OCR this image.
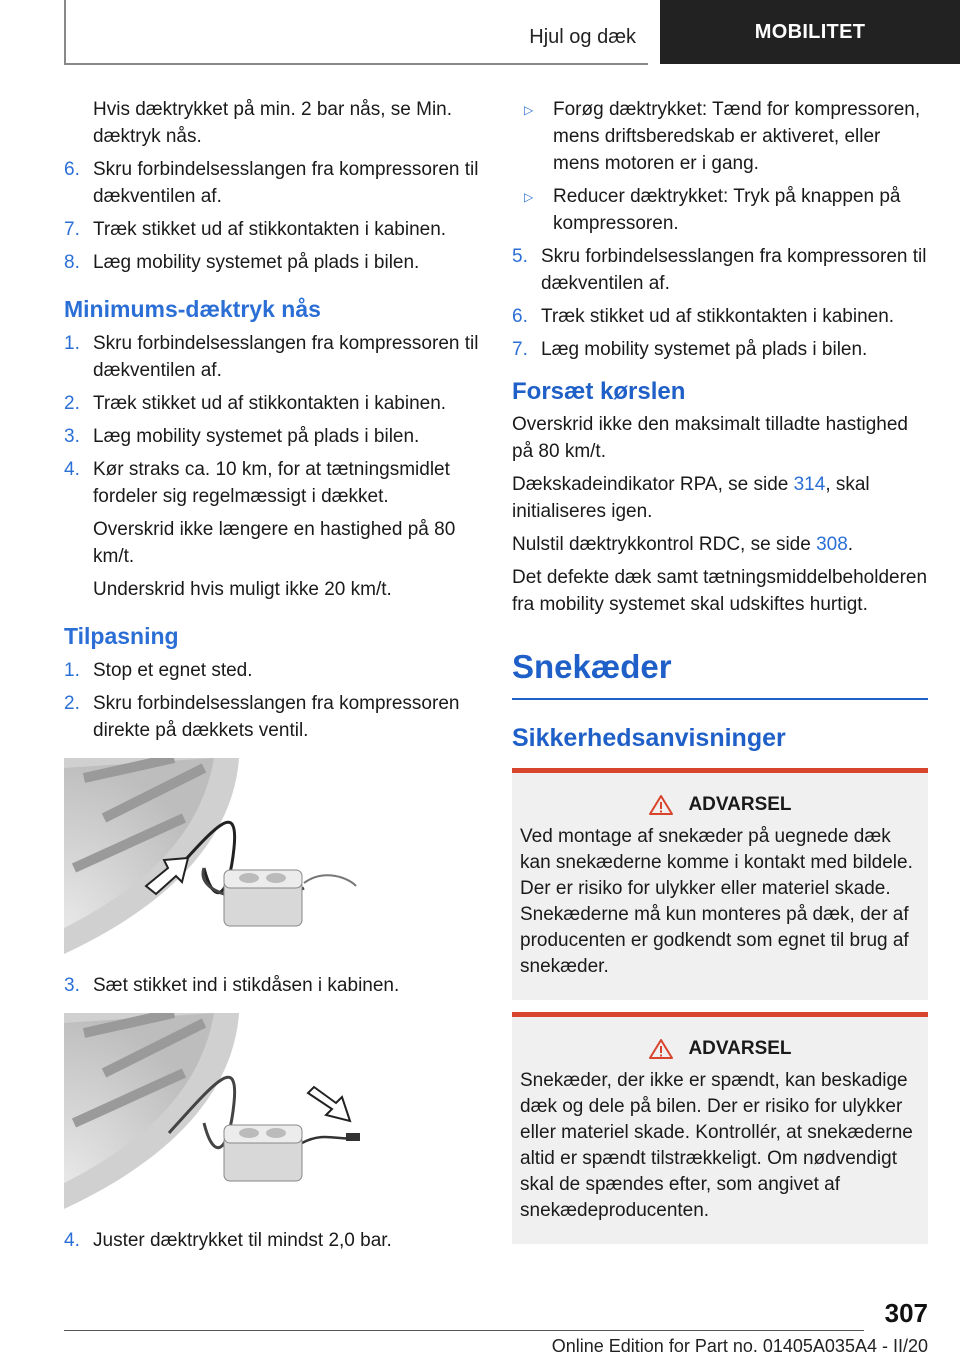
Hjul og dæk	MOBILITET
Hvis dæktrykket på min. 2 bar nås, se Min. dæktryk nås.
6. Skru forbindelsesslangen fra kompressoren til dækventilen af.
7. Træk stikket ud af stikkontakten i kabinen.
8. Læg mobility systemet på plads i bilen.
Minimums-dæktryk nås
1. Skru forbindelsesslangen fra kompressoren til dækventilen af.
2. Træk stikket ud af stikkontakten i kabinen.
3. Læg mobility systemet på plads i bilen.
4. Kør straks ca. 10 km, for at tætningsmidlet fordeler sig regelmæssigt i dækket.
Overskrid ikke længere en hastighed på 80 km/t.
Underskrid hvis muligt ikke 20 km/t.
Tilpasning
1. Stop et egnet sted.
2. Skru forbindelsesslangen fra kompressoren direkte på dækkets ventil.
3. Sæt stikket ind i stikdåsen i kabinen.
4. Juster dæktrykket til mindst 2,0 bar.
▷	Forøg dæktrykket: Tænd for kompressoren, mens driftsberedskab er aktiveret, eller mens motoren er i gang.
▷	Reducer dæktrykket: Tryk på knappen på kompressoren.
5. Skru forbindelsesslangen fra kompressoren til dækventilen af.
6. Træk stikket ud af stikkontakten i kabinen.
7. Læg mobility systemet på plads i bilen.
Forsæt kørslen
Overskrid ikke den maksimalt tilladte hastighed på 80 km/t.
Dækskadeindikator RPA, se side 314, skal initialiseres igen.
Nulstil dæktrykkontrol RDC, se side 308.
Det defekte dæk samt tætningsmiddelbeholderen fra mobility systemet skal udskiftes hurtigt.
Snekæder
Sikkerhedsanvisninger
ADVARSEL
Ved montage af snekæder på uegnede dæk kan snekæderne komme i kontakt med bildele. Der er risiko for ulykker eller materiel skade. Snekæderne må kun monteres på dæk, der af producenten er godkendt som egnet til brug af snekæder.
ADVARSEL
Snekæder, der ikke er spændt, kan beskadige dæk og dele på bilen. Der er risiko for ulykker eller materiel skade. Kontrollér, at snekæderne altid er spændt tilstrækkeligt. Om nødvendigt skal de spændes efter, som angivet af snekædeproducenten.
307
Online Edition for Part no. 01405A035A4 - II/20
